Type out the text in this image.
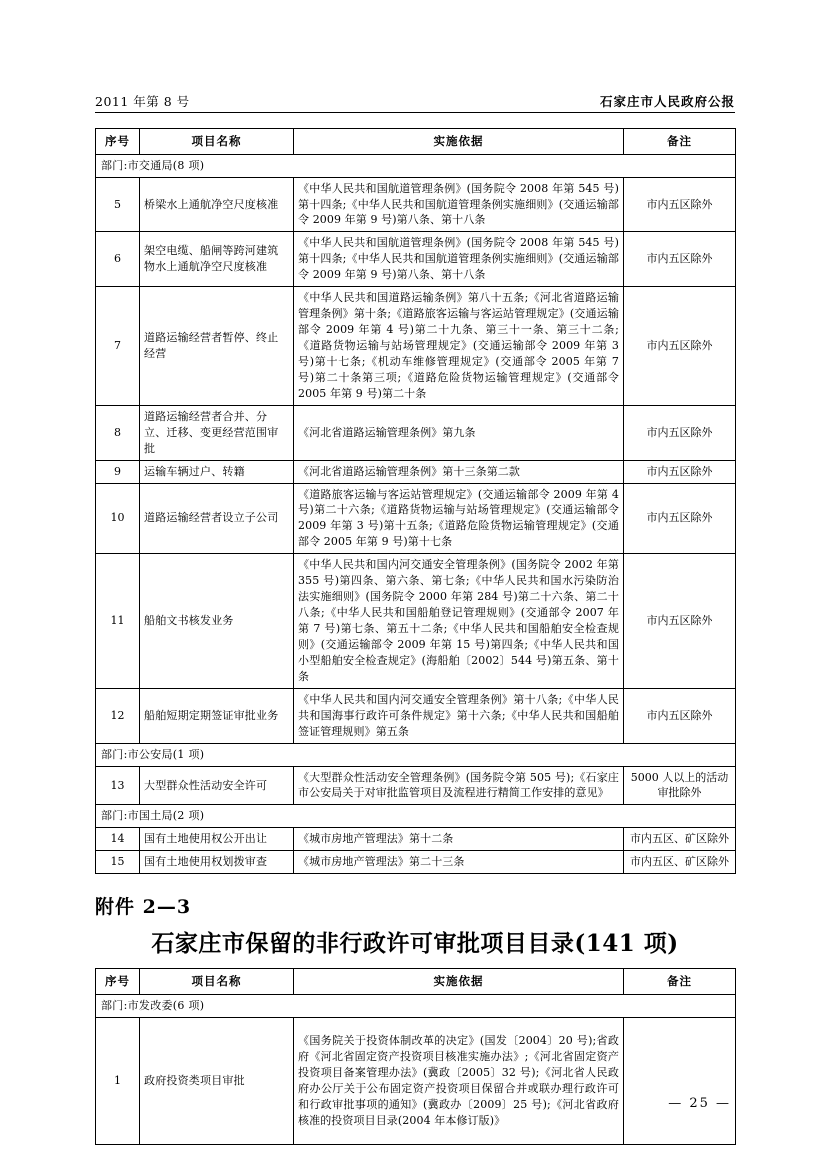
2011 年第 8 号	石家庄市人民政府公报
序号	项目名称	实施依据	备注
部门:市交通局(8 项)			
5	桥梁水上通航净空尺度核准	《中华人民共和国航道管理条例》(国务院令 2008 年第 545 号)第十四条;《中华人民共和国航道管理条例实施细则》(交通运输部令 2009 年第 9 号)第八条、第十八条	市内五区除外
6	架空电缆、船闸等跨河建筑物水上通航净空尺度核准	《中华人民共和国航道管理条例》(国务院令 2008 年第 545 号)第十四条;《中华人民共和国航道管理条例实施细则》(交通运输部令 2009 年第 9 号)第八条、第十八条	市内五区除外
7	道路运输经营者暂停、终止经营	《中华人民共和国道路运输条例》第八十五条;《河北省道路运输管理条例》第十条;《道路旅客运输与客运站管理规定》(交通运输部令 2009 年第 4 号)第二十九条、第三十一条、第三十二条;《道路货物运输与站场管理规定》(交通运输部令 2009 年第 3 号)第十七条;《机动车维修管理规定》(交通部令 2005 年第 7 号)第二十条第三项;《道路危险货物运输管理规定》(交通部令 2005 年第 9 号)第二十条	市内五区除外
8	道路运输经营者合并、分立、迁移、变更经营范围审批	《河北省道路运输管理条例》第九条	市内五区除外
9	运输车辆过户、转籍	《河北省道路运输管理条例》第十三条第二款	市内五区除外
10	道路运输经营者设立子公司	《道路旅客运输与客运站管理规定》(交通运输部令 2009 年第 4 号)第二十六条;《道路货物运输与站场管理规定》(交通运输部令 2009 年第 3 号)第十五条;《道路危险货物运输管理规定》(交通部令 2005 年第 9 号)第十七条	市内五区除外
11	船舶文书核发业务	《中华人民共和国内河交通安全管理条例》(国务院令 2002 年第 355 号)第四条、第六条、第七条;《中华人民共和国水污染防治法实施细则》(国务院令 2000 年第 284 号)第二十六条、第二十八条;《中华人民共和国船舶登记管理规则》(交通部令 2007 年第 7 号)第七条、第五十二条;《中华人民共和国船舶安全检查规则》(交通运输部令 2009 年第 15 号)第四条;《中华人民共和国小型船舶安全检查规定》(海船舶〔2002〕544 号)第五条、第十条	市内五区除外
12	船舶短期定期签证审批业务	《中华人民共和国内河交通安全管理条例》第十八条;《中华人民共和国海事行政许可条件规定》第十六条;《中华人民共和国船舶签证管理规则》第五条	市内五区除外
部门:市公安局(1 项)			
13	大型群众性活动安全许可	《大型群众性活动安全管理条例》(国务院令第 505 号);《石家庄市公安局关于对审批监管项目及流程进行精简工作安排的意见》	5000 人以上的活动审批除外
部门:市国土局(2 项)			
14	国有土地使用权公开出让	《城市房地产管理法》第十二条	市内五区、矿区除外
15	国有土地使用权划拨审查	《城市房地产管理法》第二十三条	市内五区、矿区除外
附件 2—3
石家庄市保留的非行政许可审批项目目录(141 项)
序号	项目名称	实施依据	备注
部门:市发改委(6 项)			
1	政府投资类项目审批	《国务院关于投资体制改革的决定》(国发〔2004〕20 号);省政府《河北省固定资产投资项目核准实施办法》;《河北省固定资产投资项目备案管理办法》(冀政〔2005〕32 号);《河北省人民政府办公厅关于公布固定资产投资项目保留合并或联办理行政许可和行政审批事项的通知》(冀政办〔2009〕25 号);《河北省政府核准的投资项目目录(2004 年本修订版)》	
— 25 —
